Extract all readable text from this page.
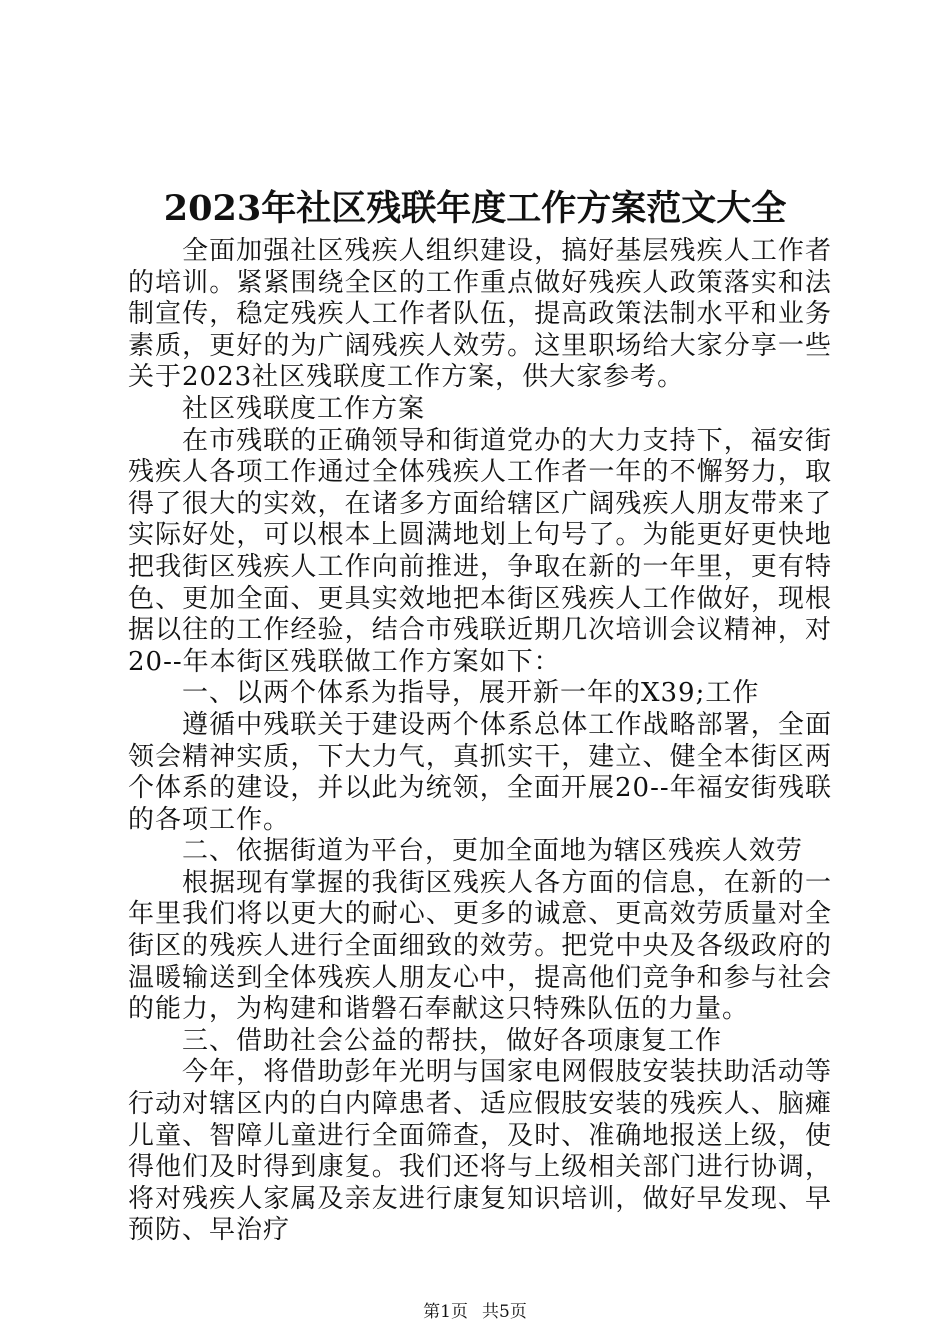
2023年社区残联年度工作方案范文大全

全面加强社区残疾人组织建设，搞好基层残疾人工作者的培训。紧紧围绕全区的工作重点做好残疾人政策落实和法制宣传，稳定残疾人工作者队伍，提高政策法制水平和业务素质，更好的为广阔残疾人效劳。这里职场给大家分享一些关于2023社区残联度工作方案，供大家参考。

社区残联度工作方案

在市残联的正确领导和街道党办的大力支持下，福安街残疾人各项工作通过全体残疾人工作者一年的不懈努力，取得了很大的实效，在诸多方面给辖区广阔残疾人朋友带来了实际好处，可以根本上圆满地划上句号了。为能更好更快地把我街区残疾人工作向前推进，争取在新的一年里，更有特色、更加全面、更具实效地把本街区残疾人工作做好，现根据以往的工作经验，结合市残联近期几次培训会议精神，对20--年本街区残联做工作方案如下：

一、以两个体系为指导，展开新一年的X39;工作

遵循中残联关于建设两个体系总体工作战略部署，全面领会精神实质，下大力气，真抓实干，建立、健全本街区两个体系的建设，并以此为统领，全面开展20--年福安街残联的各项工作。

二、依据街道为平台，更加全面地为辖区残疾人效劳

根据现有掌握的我街区残疾人各方面的信息，在新的一年里我们将以更大的耐心、更多的诚意、更高效劳质量对全街区的残疾人进行全面细致的效劳。把党中央及各级政府的温暖输送到全体残疾人朋友心中，提高他们竞争和参与社会的能力，为构建和谐磐石奉献这只特殊队伍的力量。

三、借助社会公益的帮扶，做好各项康复工作

今年，将借助彭年光明与国家电网假肢安装扶助活动等行动对辖区内的白内障患者、适应假肢安装的残疾人、脑瘫儿童、智障儿童进行全面筛查，及时、准确地报送上级，使得他们及时得到康复。我们还将与上级相关部门进行协调，将对残疾人家属及亲友进行康复知识培训，做好早发现、早预防、早治疗

第1页 共5页
